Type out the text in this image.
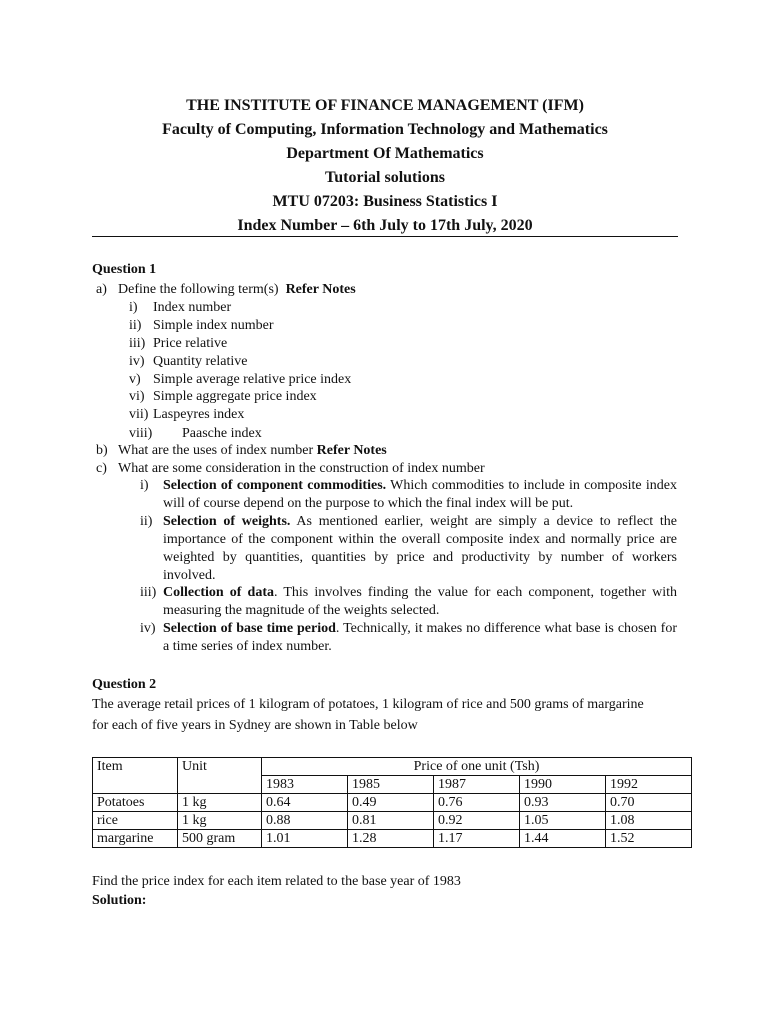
THE INSTITUTE OF FINANCE MANAGEMENT (IFM)
Faculty of Computing, Information Technology and Mathematics
Department Of Mathematics
Tutorial solutions
MTU 07203: Business Statistics I
Index Number – 6th July to 17th July, 2020
Question 1
a) Define the following term(s) Refer Notes
i) Index number
ii) Simple index number
iii) Price relative
iv) Quantity relative
v) Simple average relative price index
vi) Simple aggregate price index
vii) Laspeyres index
viii) Paasche index
b) What are the uses of index number Refer Notes
c) What are some consideration in the construction of index number
i) Selection of component commodities. Which commodities to include in composite index will of course depend on the purpose to which the final index will be put.
ii) Selection of weights. As mentioned earlier, weight are simply a device to reflect the importance of the component within the overall composite index and normally price are weighted by quantities, quantities by price and productivity by number of workers involved.
iii) Collection of data. This involves finding the value for each component, together with measuring the magnitude of the weights selected.
iv) Selection of base time period. Technically, it makes no difference what base is chosen for a time series of index number.
Question 2
The average retail prices of 1 kilogram of potatoes, 1 kilogram of rice and 500 grams of margarine for each of five years in Sydney are shown in Table below
Item	Unit	Price of one unit (Tsh)				
		1983	1985	1987	1990	1992
Potatoes	1 kg	0.64	0.49	0.76	0.93	0.70
rice	1 kg	0.88	0.81	0.92	1.05	1.08
margarine	500 gram	1.01	1.28	1.17	1.44	1.52
Find the price index for each item related to the base year of 1983
Solution:
